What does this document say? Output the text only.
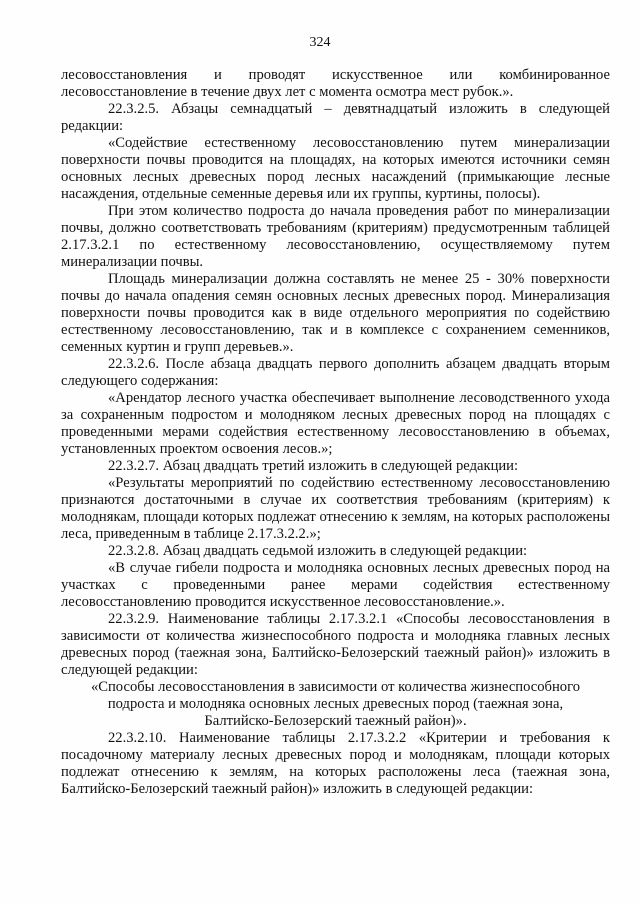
324

лесовосстановления и проводят искусственное или комбинированное лесовосстановление в течение двух лет с момента осмотра мест рубок.».

22.3.2.5. Абзацы семнадцатый – девятнадцатый изложить в следующей редакции:

«Содействие естественному лесовосстановлению путем минерализации поверхности почвы проводится на площадях, на которых имеются источники семян основных лесных древесных пород лесных насаждений (примыкающие лесные насаждения, отдельные семенные деревья или их группы, куртины, полосы).

При этом количество подроста до начала проведения работ по минерализации почвы, должно соответствовать требованиям (критериям) предусмотренным таблицей 2.17.3.2.1 по естественному лесовосстановлению, осуществляемому путем минерализации почвы.

Площадь минерализации должна составлять не менее 25 - 30% поверхности почвы до начала опадения семян основных лесных древесных пород. Минерализация поверхности почвы проводится как в виде отдельного мероприятия по содействию естественному лесовосстановлению, так и в комплексе с сохранением семенников, семенных куртин и групп деревьев.».

22.3.2.6. После абзаца двадцать первого дополнить абзацем двадцать вторым следующего содержания:

«Арендатор лесного участка обеспечивает выполнение лесоводственного ухода за сохраненным подростом и молодняком лесных древесных пород на площадях с проведенными мерами содействия естественному лесовосстановлению в объемах, установленных проектом освоения лесов.»;

22.3.2.7. Абзац двадцать третий изложить в следующей редакции:

«Результаты мероприятий по содействию естественному лесовосстановлению признаются достаточными в случае их соответствия требованиям (критериям) к молоднякам, площади которых подлежат отнесению к землям, на которых расположены леса, приведенным в таблице 2.17.3.2.2.»;

22.3.2.8. Абзац двадцать седьмой изложить в следующей редакции:

«В случае гибели подроста и молодняка основных лесных древесных пород на участках с проведенными ранее мерами содействия естественному лесовосстановлению проводится искусственное лесовосстановление.».

22.3.2.9. Наименование таблицы 2.17.3.2.1 «Способы лесовосстановления в зависимости от количества жизнеспособного подроста и молодняка главных лесных древесных пород (таежная зона, Балтийско-Белозерский таежный район)» изложить в следующей редакции:

«Способы лесовосстановления в зависимости от количества жизнеспособного подроста и молодняка основных лесных древесных пород (таежная зона, Балтийско-Белозерский таежный район)».

22.3.2.10. Наименование таблицы 2.17.3.2.2 «Критерии и требования к посадочному материалу лесных древесных пород и молоднякам, площади которых подлежат отнесению к землям, на которых расположены леса (таежная зона, Балтийско-Белозерский таежный район)» изложить в следующей редакции:
